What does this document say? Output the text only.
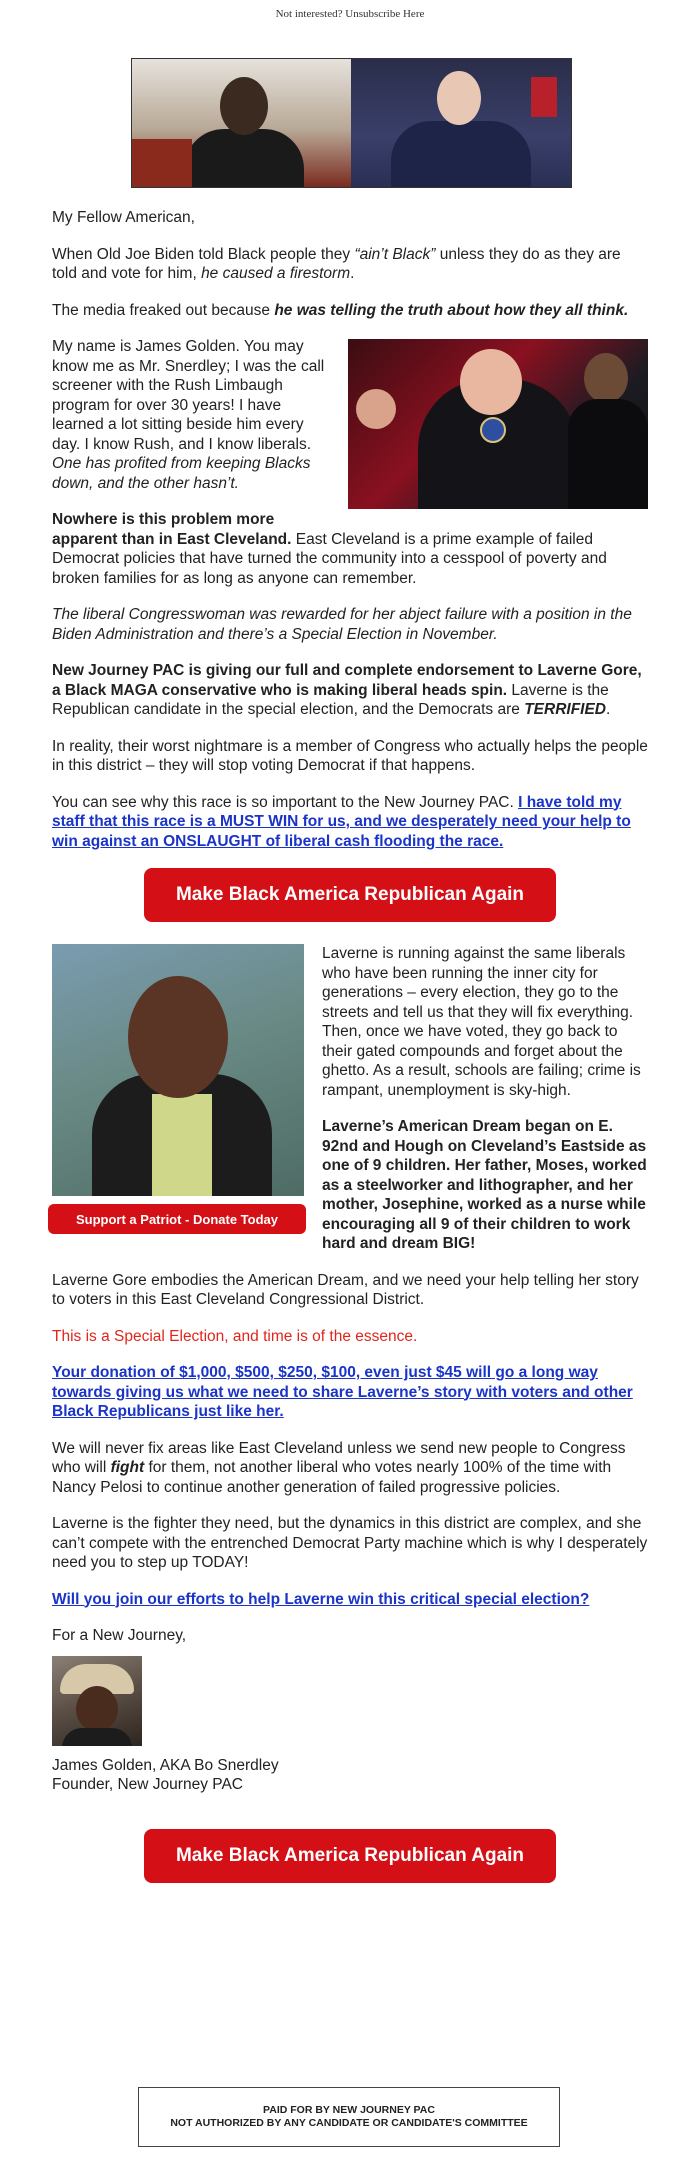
Not interested? Unsubscribe Here

My Fellow American,

When Old Joe Biden told Black people they “ain’t Black” unless they do as they are told and vote for him, he caused a firestorm.

The media freaked out because he was telling the truth about how they all think.

My name is James Golden. You may know me as Mr. Snerdley; I was the call screener with the Rush Limbaugh program for over 30 years! I have learned a lot sitting beside him every day. I know Rush, and I know liberals. One has profited from keeping Blacks down, and the other hasn’t.

Nowhere is this problem more apparent than in East Cleveland. East Cleveland is a prime example of failed Democrat policies that have turned the community into a cesspool of poverty and broken families for as long as anyone can remember.

The liberal Congresswoman was rewarded for her abject failure with a position in the Biden Administration and there’s a Special Election in November.

New Journey PAC is giving our full and complete endorsement to Laverne Gore, a Black MAGA conservative who is making liberal heads spin. Laverne is the Republican candidate in the special election, and the Democrats are TERRIFIED.

In reality, their worst nightmare is a member of Congress who actually helps the people in this district – they will stop voting Democrat if that happens.

You can see why this race is so important to the New Journey PAC. I have told my staff that this race is a MUST WIN for us, and we desperately need your help to win against an ONSLAUGHT of liberal cash flooding the race.

Make Black America Republican Again
Support a Patriot - Donate Today

Laverne is running against the same liberals who have been running the inner city for generations – every election, they go to the streets and tell us that they will fix everything. Then, once we have voted, they go back to their gated compounds and forget about the ghetto. As a result, schools are failing; crime is rampant, unemployment is sky-high.

Laverne’s American Dream began on E. 92nd and Hough on Cleveland’s Eastside as one of 9 children. Her father, Moses, worked as a steelworker and lithographer, and her mother, Josephine, worked as a nurse while encouraging all 9 of their children to work hard and dream BIG!

Laverne Gore embodies the American Dream, and we need your help telling her story to voters in this East Cleveland Congressional District.

This is a Special Election, and time is of the essence.

Your donation of $1,000, $500, $250, $100, even just $45 will go a long way towards giving us what we need to share Laverne’s story with voters and other Black Republicans just like her.

We will never fix areas like East Cleveland unless we send new people to Congress who will fight for them, not another liberal who votes nearly 100% of the time with Nancy Pelosi to continue another generation of failed progressive policies.

Laverne is the fighter they need, but the dynamics in this district are complex, and she can’t compete with the entrenched Democrat Party machine which is why I desperately need you to step up TODAY!

Will you join our efforts to help Laverne win this critical special election?

For a New Journey,

James Golden, AKA Bo Snerdley
Founder, New Journey PAC
Make Black America Republican Again
PAID FOR BY NEW JOURNEY PAC
NOT AUTHORIZED BY ANY CANDIDATE OR CANDIDATE'S COMMITTEE
